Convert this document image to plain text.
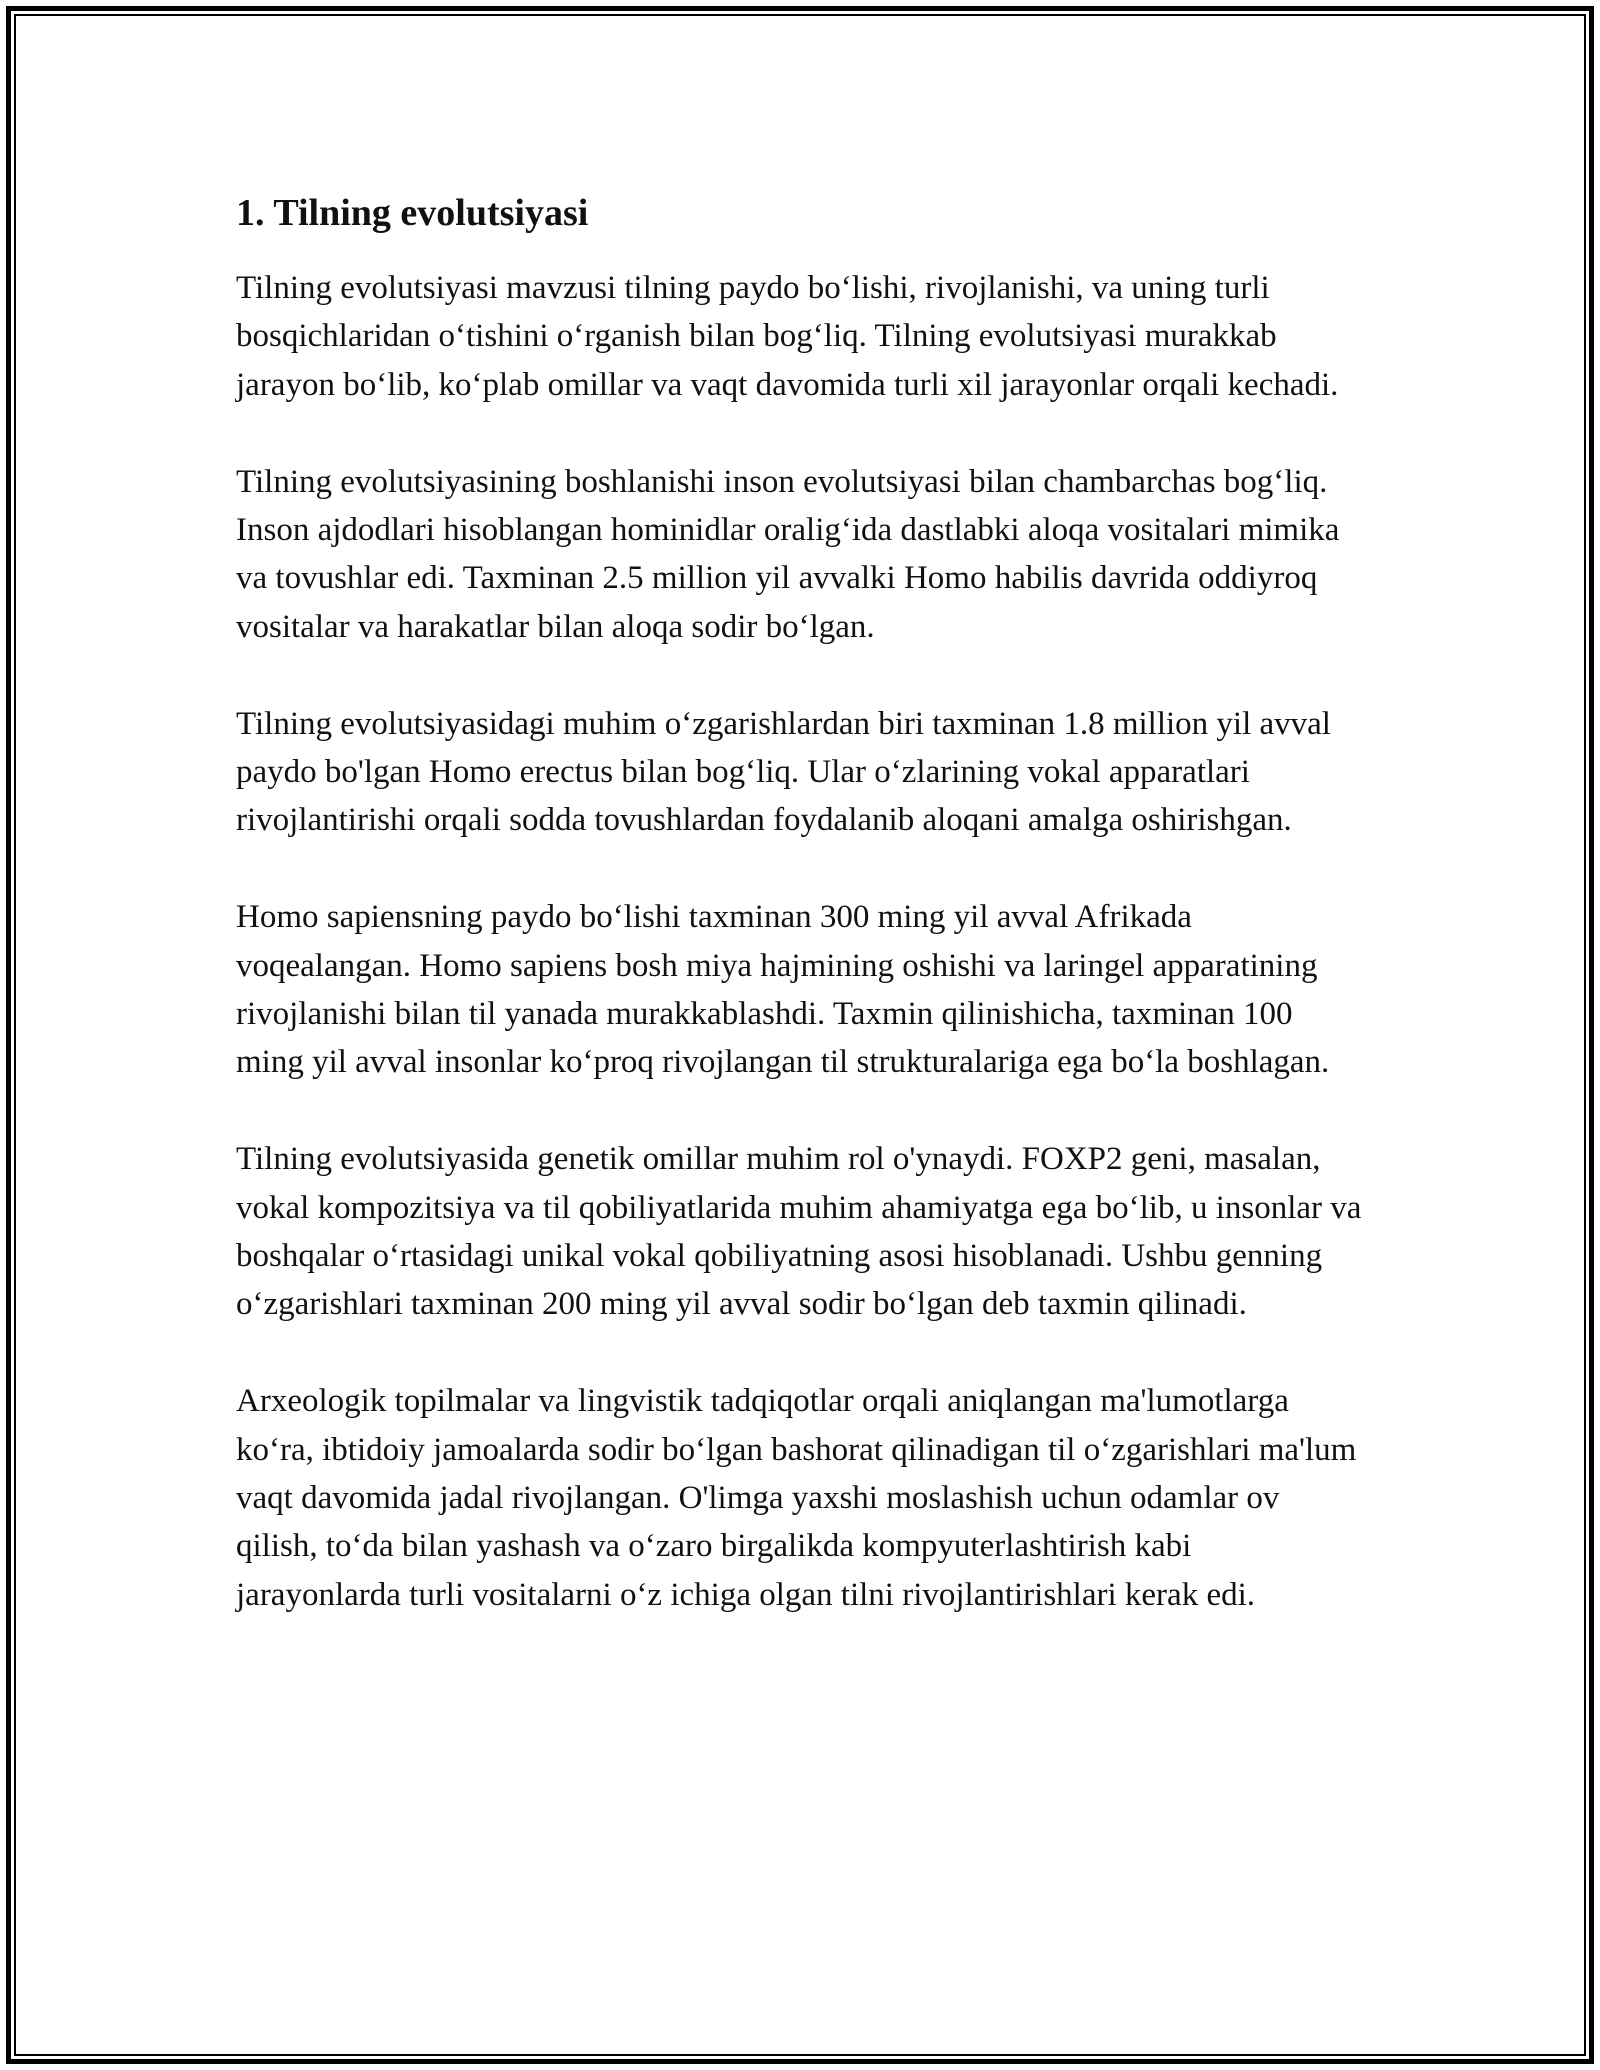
1. Tilning evolutsiyasi

Tilning evolutsiyasi mavzusi tilning paydo bo‘lishi, rivojlanishi, va uning turli bosqichlaridan o‘tishini o‘rganish bilan bog‘liq. Tilning evolutsiyasi murakkab jarayon bo‘lib, ko‘plab omillar va vaqt davomida turli xil jarayonlar orqali kechadi.

Tilning evolutsiyasining boshlanishi inson evolutsiyasi bilan chambarchas bog‘liq. Inson ajdodlari hisoblangan hominidlar oralig‘ida dastlabki aloqa vositalari mimika va tovushlar edi. Taxminan 2.5 million yil avvalki Homo habilis davrida oddiyroq vositalar va harakatlar bilan aloqa sodir bo‘lgan.

Tilning evolutsiyasidagi muhim o‘zgarishlardan biri taxminan 1.8 million yil avval paydo bo'lgan Homo erectus bilan bog‘liq. Ular o‘zlarining vokal apparatlari rivojlantirishi orqali sodda tovushlardan foydalanib aloqani amalga oshirishgan.

Homo sapiensning paydo bo‘lishi taxminan 300 ming yil avval Afrikada voqealangan. Homo sapiens bosh miya hajmining oshishi va laringel apparatining rivojlanishi bilan til yanada murakkablashdi. Taxmin qilinishicha, taxminan 100 ming yil avval insonlar ko‘proq rivojlangan til strukturalariga ega bo‘la boshlagan.

Tilning evolutsiyasida genetik omillar muhim rol o'ynaydi. FOXP2 geni, masalan, vokal kompozitsiya va til qobiliyatlarida muhim ahamiyatga ega bo‘lib, u insonlar va boshqalar o‘rtasidagi unikal vokal qobiliyatning asosi hisoblanadi. Ushbu genning o‘zgarishlari taxminan 200 ming yil avval sodir bo‘lgan deb taxmin qilinadi.

Arxeologik topilmalar va lingvistik tadqiqotlar orqali aniqlangan ma'lumotlarga ko‘ra, ibtidoiy jamoalarda sodir bo‘lgan bashorat qilinadigan til o‘zgarishlari ma'lum vaqt davomida jadal rivojlangan. O'limga yaxshi moslashish uchun odamlar ov qilish, to‘da bilan yashash va o‘zaro birgalikda kompyuterlashtirish kabi jarayonlarda turli vositalarni o‘z ichiga olgan tilni rivojlantirishlari kerak edi.
